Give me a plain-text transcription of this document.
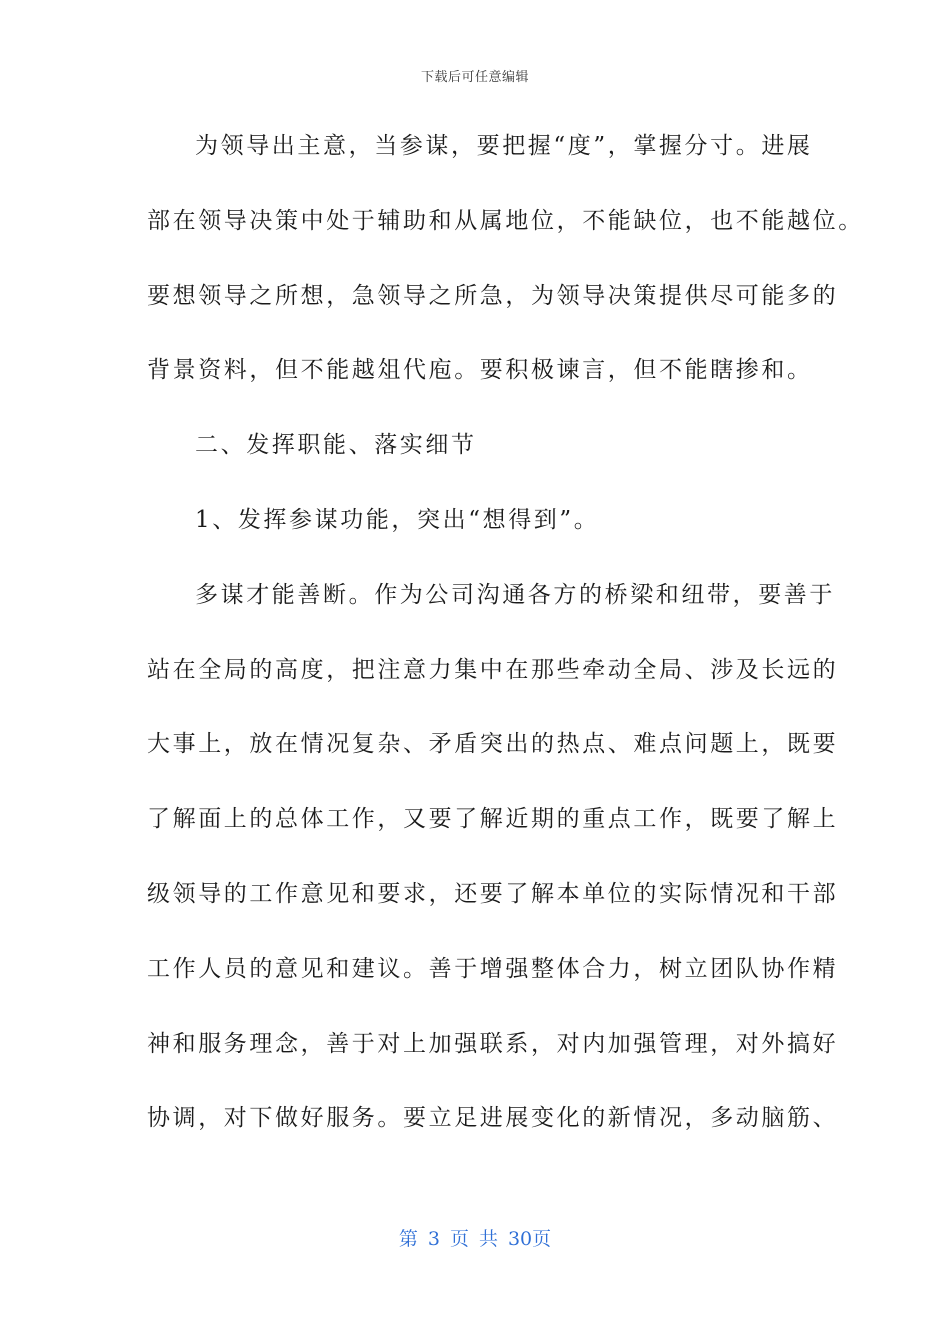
下载后可任意编辑
为领导出主意，当参谋，要把握“度”，掌握分寸。进展
部在领导决策中处于辅助和从属地位，不能缺位，也不能越位。
要想领导之所想，急领导之所急，为领导决策提供尽可能多的
背景资料，但不能越俎代庖。要积极谏言，但不能瞎掺和。
二、发挥职能、落实细节
1、发挥参谋功能，突出“想得到”。
多谋才能善断。作为公司沟通各方的桥梁和纽带，要善于
站在全局的高度，把注意力集中在那些牵动全局、涉及长远的
大事上，放在情况复杂、矛盾突出的热点、难点问题上，既要
了解面上的总体工作，又要了解近期的重点工作，既要了解上
级领导的工作意见和要求，还要了解本单位的实际情况和干部
工作人员的意见和建议。善于增强整体合力，树立团队协作精
神和服务理念，善于对上加强联系，对内加强管理，对外搞好
协调，对下做好服务。要立足进展变化的新情况，多动脑筋、
第 3 页 共 30页
